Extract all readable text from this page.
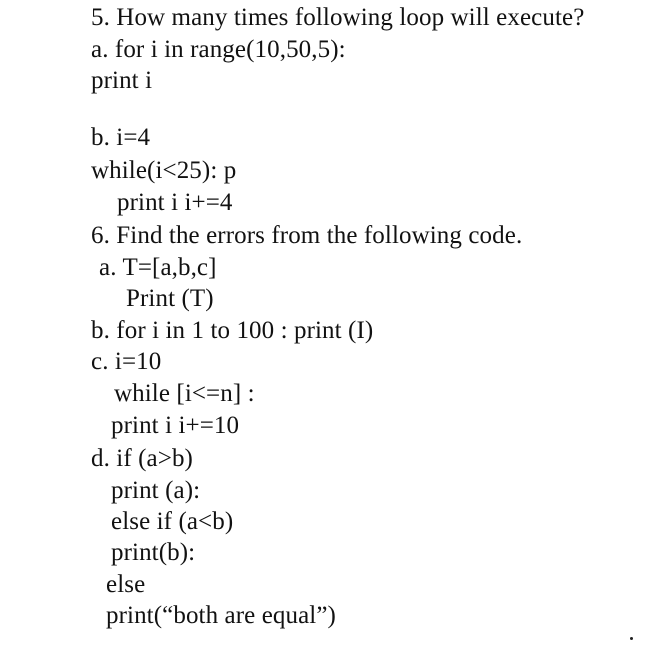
5. How many times following loop will execute?
a. for i in range(10,50,5):
print i
b. i=4
while(i<25): p
print i i+=4
6. Find the errors from the following code.
a. T=[a,b,c]
Print (T)
b. for i in 1 to 100 : print (I)
c. i=10
while [i<=n] :
print i i+=10
d. if (a>b)
print (a):
else if (a<b)
print(b):
else
print(“both are equal”)
